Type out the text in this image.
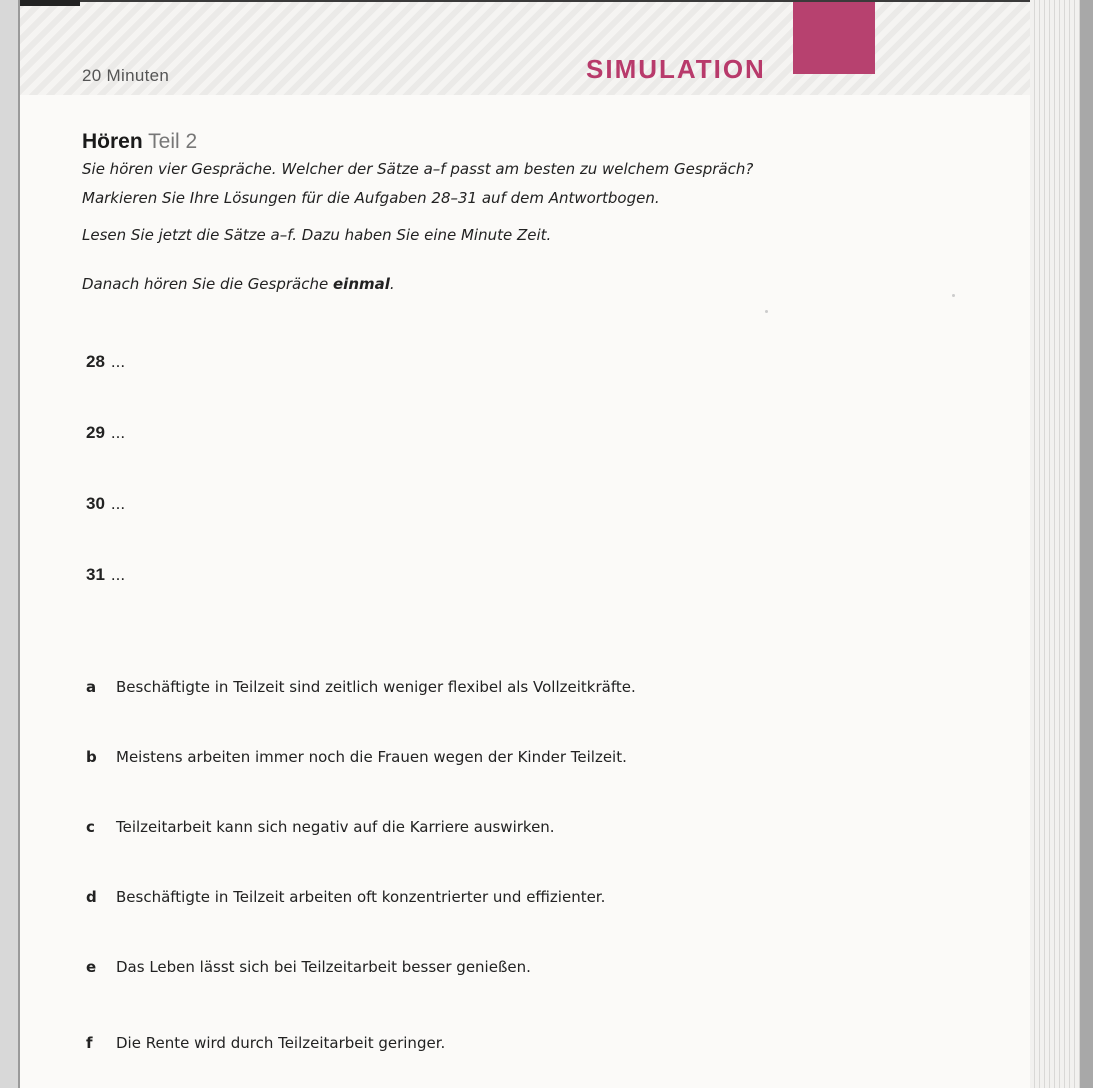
20 Minuten	SIMULATION
Hören Teil 2
Sie hören vier Gespräche. Welcher der Sätze a–f passt am besten zu welchem Gespräch?
Markieren Sie Ihre Lösungen für die Aufgaben 28–31 auf dem Antwortbogen.
Lesen Sie jetzt die Sätze a–f. Dazu haben Sie eine Minute Zeit.
Danach hören Sie die Gespräche einmal.
28 ...
29 ...
30 ...
31 ...
a Beschäftigte in Teilzeit sind zeitlich weniger flexibel als Vollzeitkräfte.
b Meistens arbeiten immer noch die Frauen wegen der Kinder Teilzeit.
c Teilzeitarbeit kann sich negativ auf die Karriere auswirken.
d Beschäftigte in Teilzeit arbeiten oft konzentrierter und effizienter.
e Das Leben lässt sich bei Teilzeitarbeit besser genießen.
f Die Rente wird durch Teilzeitarbeit geringer.
